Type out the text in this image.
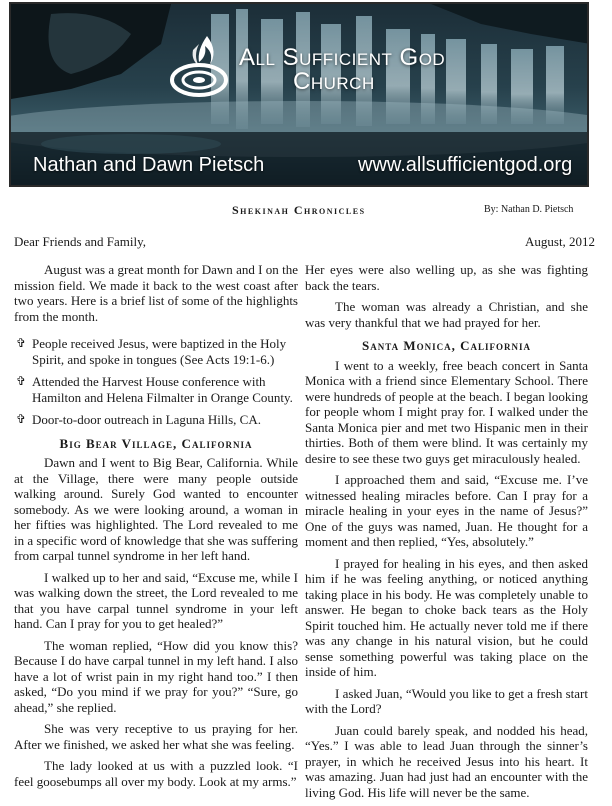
All Sufficient God
Church
Nathan and Dawn Pietsch	www.allsufficientgod.org
Shekinah Chronicles	By: Nathan D. Pietsch
Dear Friends and Family,	August, 2012

August was a great month for Dawn and I on the mission field. We made it back to the west coast after two years. Here is a brief list of some of the highlights from the month.

✞ People received Jesus, were baptized in the Holy Spirit, and spoke in tongues (See Acts 19:1-6.)
✞ Attended the Harvest House conference with Hamilton and Helena Filmalter in Orange County.
✞ Door-to-door outreach in Laguna Hills, CA.
Big Bear Village, California

Dawn and I went to Big Bear, California. While at the Village, there were many people outside walking around. Surely God wanted to encounter somebody. As we were looking around, a woman in her fifties was highlighted. The Lord revealed to me in a specific word of knowledge that she was suffering from carpal tunnel syndrome in her left hand.

I walked up to her and said, “Excuse me, while I was walking down the street, the Lord revealed to me that you have carpal tunnel syndrome in your left hand. Can I pray for you to get healed?”

The woman replied, “How did you know this? Because I do have carpal tunnel in my left hand. I also have a lot of wrist pain in my right hand too.” I then asked, “Do you mind if we pray for you?” “Sure, go ahead,” she replied.

She was very receptive to us praying for her. After we finished, we asked her what she was feeling.

The lady looked at us with a puzzled look. “I feel goosebumps all over my body. Look at my arms.”

Her eyes were also welling up, as she was fighting back the tears.

The woman was already a Christian, and she was very thankful that we had prayed for her.

Santa Monica, California

I went to a weekly, free beach concert in Santa Monica with a friend since Elementary School. There were hundreds of people at the beach. I began looking for people whom I might pray for. I walked under the Santa Monica pier and met two Hispanic men in their thirties. Both of them were blind. It was certainly my desire to see these two guys get miraculously healed.

I approached them and said, “Excuse me. I’ve witnessed healing miracles before. Can I pray for a miracle healing in your eyes in the name of Jesus?” One of the guys was named, Juan. He thought for a moment and then replied, “Yes, absolutely.”

I prayed for healing in his eyes, and then asked him if he was feeling anything, or noticed anything taking place in his body. He was completely unable to answer. He began to choke back tears as the Holy Spirit touched him. He actually never told me if there was any change in his natural vision, but he could sense something powerful was taking place on the inside of him.

I asked Juan, “Would you like to get a fresh start with the Lord?

Juan could barely speak, and nodded his head, “Yes.” I was able to lead Juan through the sinner’s prayer, in which he received Jesus into his heart. It was amazing. Juan had just had an encounter with the living God. His life will never be the same.
